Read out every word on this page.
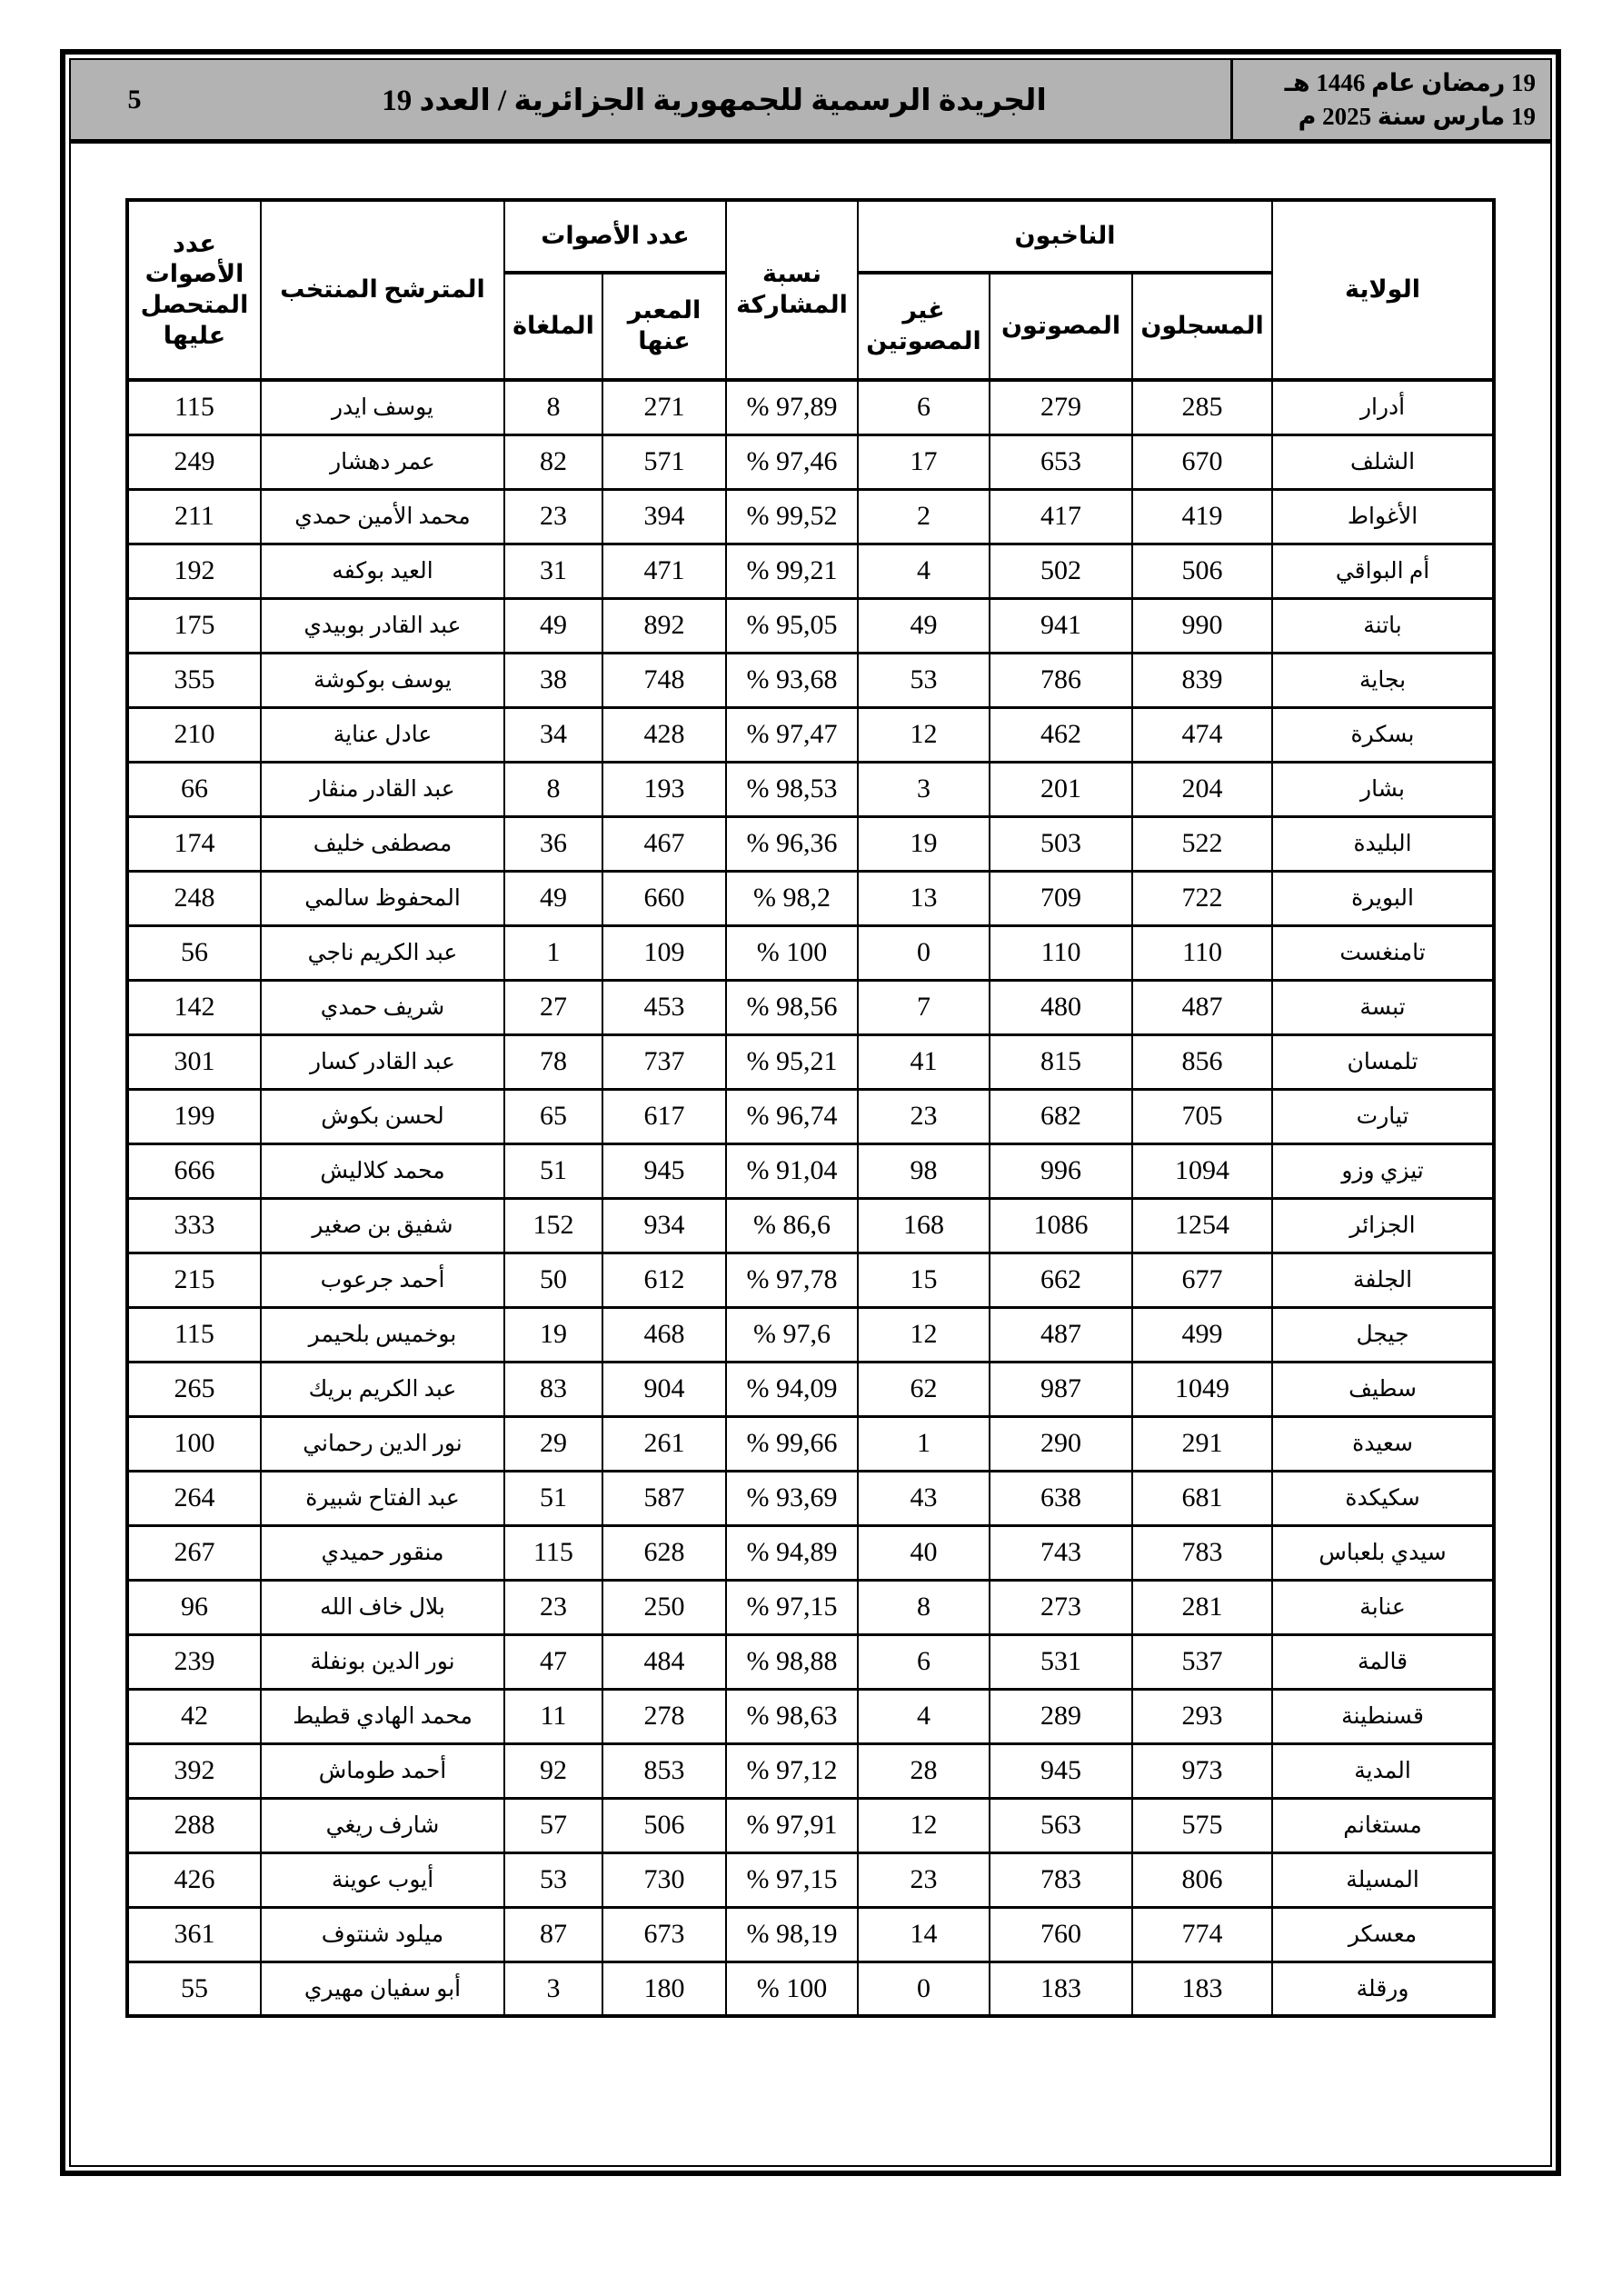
19 رمضان عام 1446 هـ
19 مارس سنة 2025 م
الجريدة الرسمية للجمهورية الجزائرية / العدد 19
5
الولاية	الناخبون			نسبة المشاركة	عدد الأصوات		المترشح المنتخب	عدد الأصوات المتحصل عليها
	المسجلون	المصوتون	غير المصوتين		المعبر عنها	الملغاة		
أدرار	285	279	6	% 97,89	271	8	يوسف ايدر	115
الشلف	670	653	17	% 97,46	571	82	عمر دهشار	249
الأغواط	419	417	2	% 99,52	394	23	محمد الأمين حمدي	211
أم البواقي	506	502	4	% 99,21	471	31	العيد بوكفه	192
باتنة	990	941	49	% 95,05	892	49	عبد القادر بوبيدي	175
بجاية	839	786	53	% 93,68	748	38	يوسف بوكوشة	355
بسكرة	474	462	12	% 97,47	428	34	عادل عناية	210
بشار	204	201	3	% 98,53	193	8	عبد القادر منڨار	66
البليدة	522	503	19	% 96,36	467	36	مصطفى خليف	174
البويرة	722	709	13	% 98,2	660	49	المحفوظ سالمي	248
تامنغست	110	110	0	% 100	109	1	عبد الكريم ناجي	56
تبسة	487	480	7	% 98,56	453	27	شريف حمدي	142
تلمسان	856	815	41	% 95,21	737	78	عبد القادر كسار	301
تيارت	705	682	23	% 96,74	617	65	لحسن بكوش	199
تيزي وزو	1094	996	98	% 91,04	945	51	محمد كلاليش	666
الجزائر	1254	1086	168	% 86,6	934	152	شفيق بن صغير	333
الجلفة	677	662	15	% 97,78	612	50	أحمد جرعوب	215
جيجل	499	487	12	% 97,6	468	19	بوخميس بلحيمر	115
سطيف	1049	987	62	% 94,09	904	83	عبد الكريم بريك	265
سعيدة	291	290	1	% 99,66	261	29	نور الدين رحماني	100
سكيكدة	681	638	43	% 93,69	587	51	عبد الفتاح شبيرة	264
سيدي بلعباس	783	743	40	% 94,89	628	115	منقور حميدي	267
عنابة	281	273	8	% 97,15	250	23	بلال خاف الله	96
قالمة	537	531	6	% 98,88	484	47	نور الدين بونفلة	239
قسنطينة	293	289	4	% 98,63	278	11	محمد الهادي قطيط	42
المدية	973	945	28	% 97,12	853	92	أحمد طوماش	392
مستغانم	575	563	12	% 97,91	506	57	شارف ريغي	288
المسيلة	806	783	23	% 97,15	730	53	أيوب عوينة	426
معسكر	774	760	14	% 98,19	673	87	ميلود شنتوف	361
ورقلة	183	183	0	% 100	180	3	أبو سفيان مهيري	55
